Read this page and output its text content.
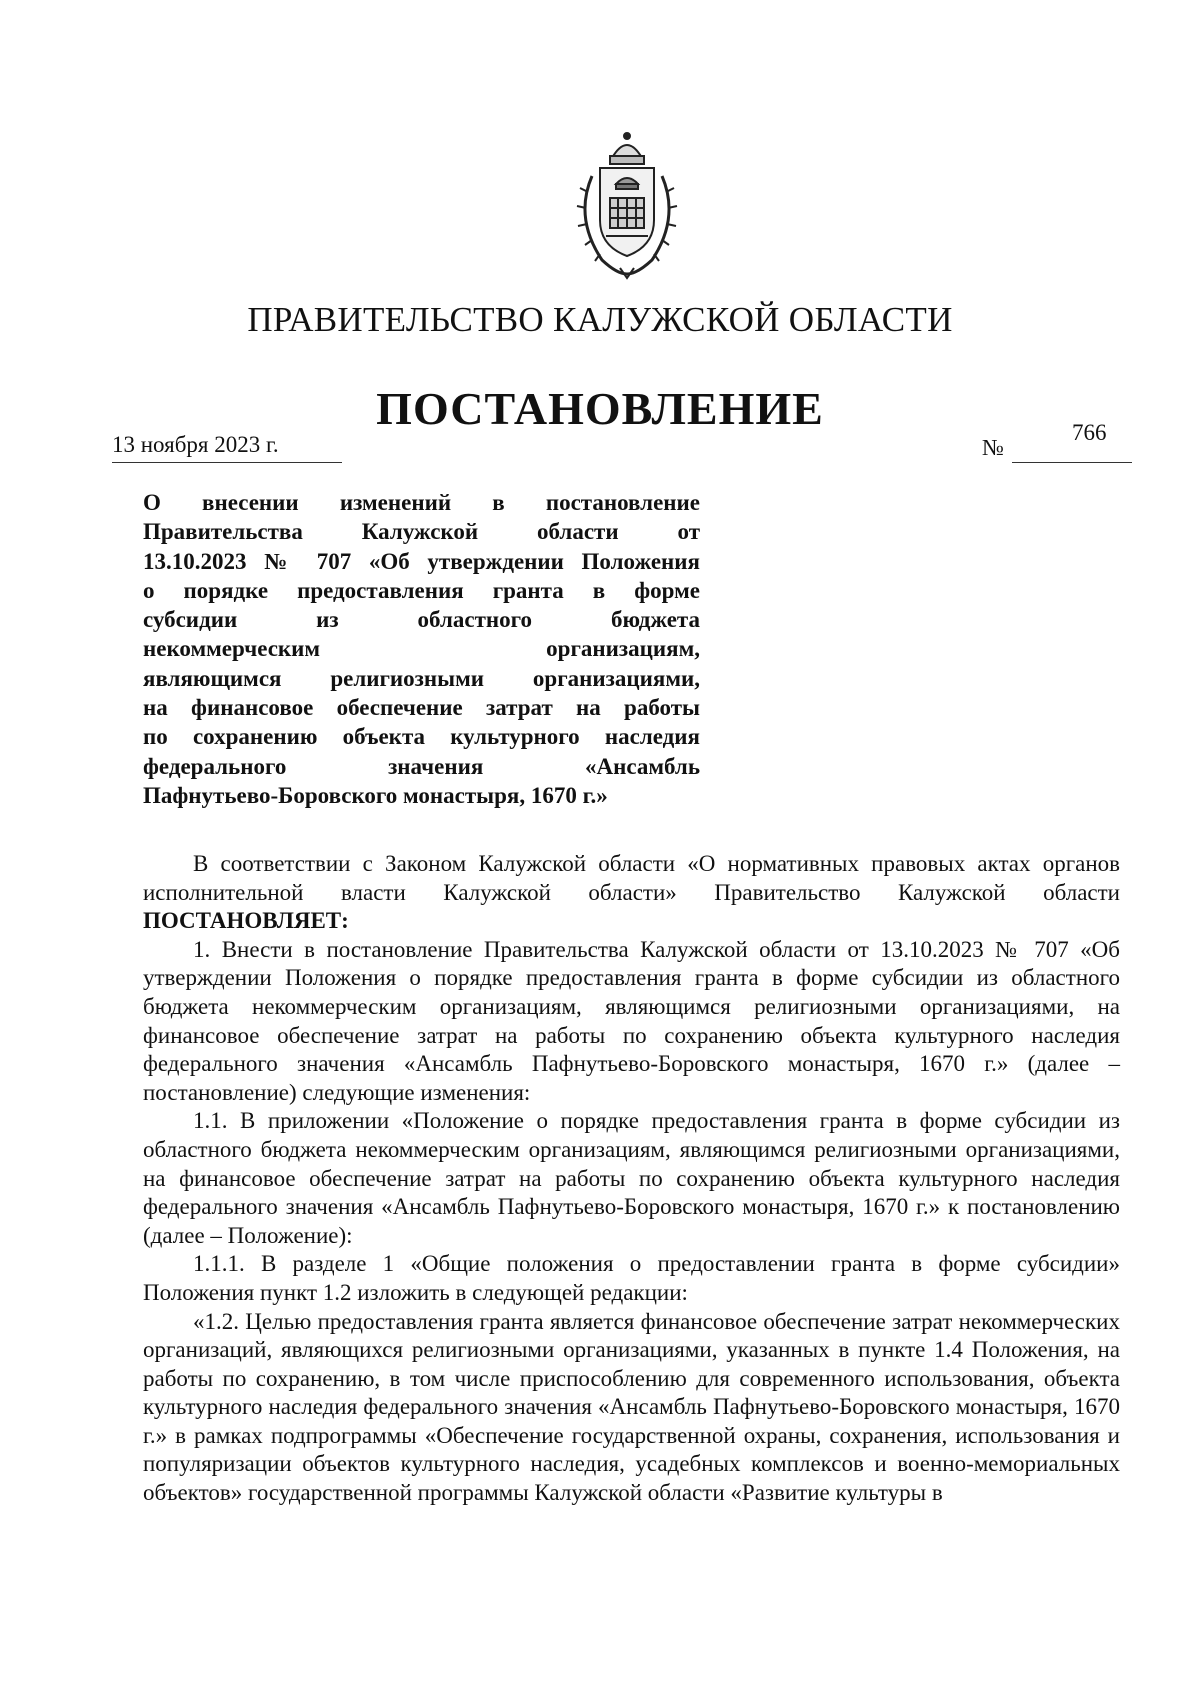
ПРАВИТЕЛЬСТВО КАЛУЖСКОЙ ОБЛАСТИ
ПОСТАНОВЛЕНИЕ
13 ноября 2023 г.	№
766
О внесении изменений в постановление
Правительства Калужской области от
13.10.2023 № 707 «Об утверждении Положения
о порядке предоставления гранта в форме
субсидии из областного бюджета
некоммерческим организациям,
являющимся религиозными организациями,
на финансовое обеспечение затрат на работы
по сохранению объекта культурного наследия
федерального значения «Ансамбль
Пафнутьево-Боровского монастыря, 1670 г.»

В соответствии с Законом Калужской области «О нормативных правовых актах органов исполнительной власти Калужской области» Правительство Калужской области ПОСТАНОВЛЯЕТ:

1. Внести в постановление Правительства Калужской области от 13.10.2023 № 707 «Об утверждении Положения о порядке предоставления гранта в форме субсидии из областного бюджета некоммерческим организациям, являющимся религиозными организациями, на финансовое обеспечение затрат на работы по сохранению объекта культурного наследия федерального значения «Ансамбль Пафнутьево-Боровского монастыря, 1670 г.» (далее – постановление) следующие изменения:

1.1. В приложении «Положение о порядке предоставления гранта в форме субсидии из областного бюджета некоммерческим организациям, являющимся религиозными организациями, на финансовое обеспечение затрат на работы по сохранению объекта культурного наследия федерального значения «Ансамбль Пафнутьево-Боровского монастыря, 1670 г.» к постановлению (далее – Положение):

1.1.1. В разделе 1 «Общие положения о предоставлении гранта в форме субсидии» Положения пункт 1.2 изложить в следующей редакции:

«1.2. Целью предоставления гранта является финансовое обеспечение затрат некоммерческих организаций, являющихся религиозными организациями, указанных в пункте 1.4 Положения, на работы по сохранению, в том числе приспособлению для современного использования, объекта культурного наследия федерального значения «Ансамбль Пафнутьево-Боровского монастыря, 1670 г.» в рамках подпрограммы «Обеспечение государственной охраны, сохранения, использования и популяризации объектов культурного наследия, усадебных комплексов и военно-мемориальных объектов» государственной программы Калужской области «Развитие культуры в
